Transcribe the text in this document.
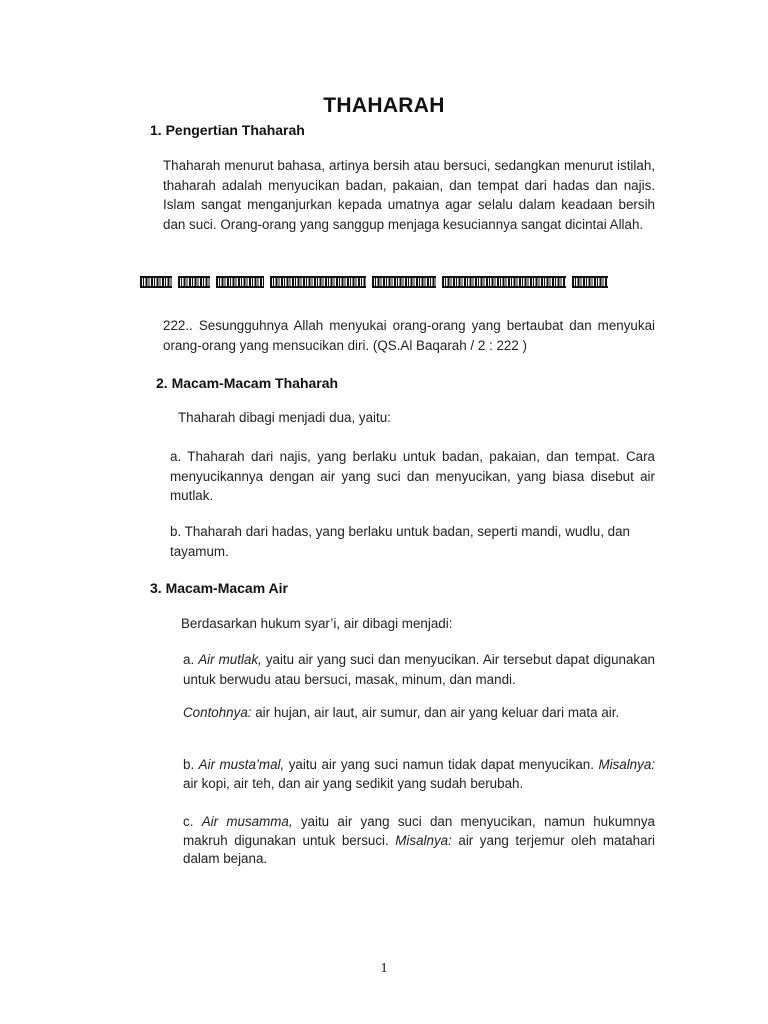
THAHARAH
1. Pengertian Thaharah
Thaharah menurut bahasa, artinya bersih atau bersuci, sedangkan menurut istilah, thaharah adalah menyucikan badan, pakaian, dan tempat dari hadas dan najis. Islam sangat menganjurkan kepada umatnya agar selalu dalam keadaan bersih dan suci. Orang-orang yang sanggup menjaga kesuciannya sangat dicintai Allah.
222.. Sesungguhnya Allah menyukai orang-orang yang bertaubat dan menyukai orang-orang yang mensucikan diri. (QS.Al Baqarah / 2 : 222 )
2. Macam-Macam Thaharah
Thaharah dibagi menjadi dua, yaitu:
a. Thaharah dari najis, yang berlaku untuk badan, pakaian, dan tempat. Cara menyucikannya dengan air yang suci dan menyucikan, yang biasa disebut air mutlak.
b. Thaharah dari hadas, yang berlaku untuk badan, seperti mandi, wudlu, dan tayamum.
3. Macam-Macam Air
Berdasarkan hukum syar’i, air dibagi menjadi:
a. Air mutlak, yaitu air yang suci dan menyucikan. Air tersebut dapat digunakan untuk berwudu atau bersuci, masak, minum, dan mandi.
Contohnya: air hujan, air laut, air sumur, dan air yang keluar dari mata air.
b. Air musta’mal, yaitu air yang suci namun tidak dapat menyucikan. Misalnya: air kopi, air teh, dan air yang sedikit yang sudah berubah.
c. Air musamma, yaitu air yang suci dan menyucikan, namun hukumnya makruh digunakan untuk bersuci. Misalnya: air yang terjemur oleh matahari dalam bejana.
1
